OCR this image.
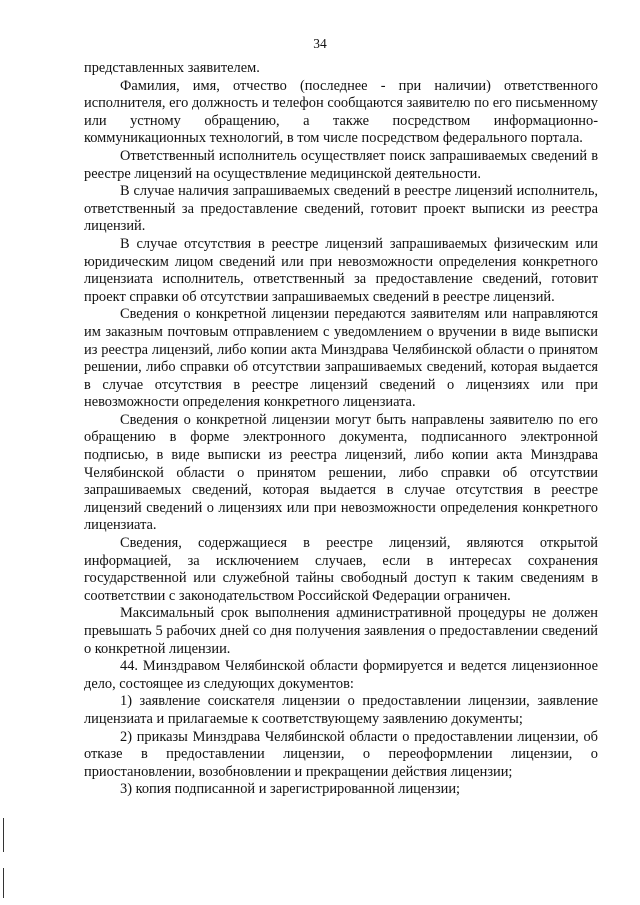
34

представленных заявителем.

Фамилия, имя, отчество (последнее - при наличии) ответственного исполнителя, его должность и телефон сообщаются заявителю по его письменному или устному обращению, а также посредством информационно-коммуникационных технологий, в том числе посредством федерального портала.

Ответственный исполнитель осуществляет поиск запрашиваемых сведений в реестре лицензий на осуществление медицинской деятельности.

В случае наличия запрашиваемых сведений в реестре лицензий исполнитель, ответственный за предоставление сведений, готовит проект выписки из реестра лицензий.

В случае отсутствия в реестре лицензий запрашиваемых физическим или юридическим лицом сведений или при невозможности определения конкретного лицензиата исполнитель, ответственный за предоставление сведений, готовит проект справки об отсутствии запрашиваемых сведений в реестре лицензий.

Сведения о конкретной лицензии передаются заявителям или направляются им заказным почтовым отправлением с уведомлением о вручении в виде выписки из реестра лицензий, либо копии акта Минздрава Челябинской области о принятом решении, либо справки об отсутствии запрашиваемых сведений, которая выдается в случае отсутствия в реестре лицензий сведений о лицензиях или при невозможности определения конкретного лицензиата.

Сведения о конкретной лицензии могут быть направлены заявителю по его обращению в форме электронного документа, подписанного электронной подписью, в виде выписки из реестра лицензий, либо копии акта Минздрава Челябинской области о принятом решении, либо справки об отсутствии запрашиваемых сведений, которая выдается в случае отсутствия в реестре лицензий сведений о лицензиях или при невозможности определения конкретного лицензиата.

Сведения, содержащиеся в реестре лицензий, являются открытой информацией, за исключением случаев, если в интересах сохранения государственной или служебной тайны свободный доступ к таким сведениям в соответствии с законодательством Российской Федерации ограничен.

Максимальный срок выполнения административной процедуры не должен превышать 5 рабочих дней со дня получения заявления о предоставлении сведений о конкретной лицензии.

44. Минздравом Челябинской области формируется и ведется лицензионное дело, состоящее из следующих документов:

1) заявление соискателя лицензии о предоставлении лицензии, заявление лицензиата и прилагаемые к соответствующему заявлению документы;

2) приказы Минздрава Челябинской области о предоставлении лицензии, об отказе в предоставлении лицензии, о переоформлении лицензии, о приостановлении, возобновлении и прекращении действия лицензии;

3) копия подписанной и зарегистрированной лицензии;
